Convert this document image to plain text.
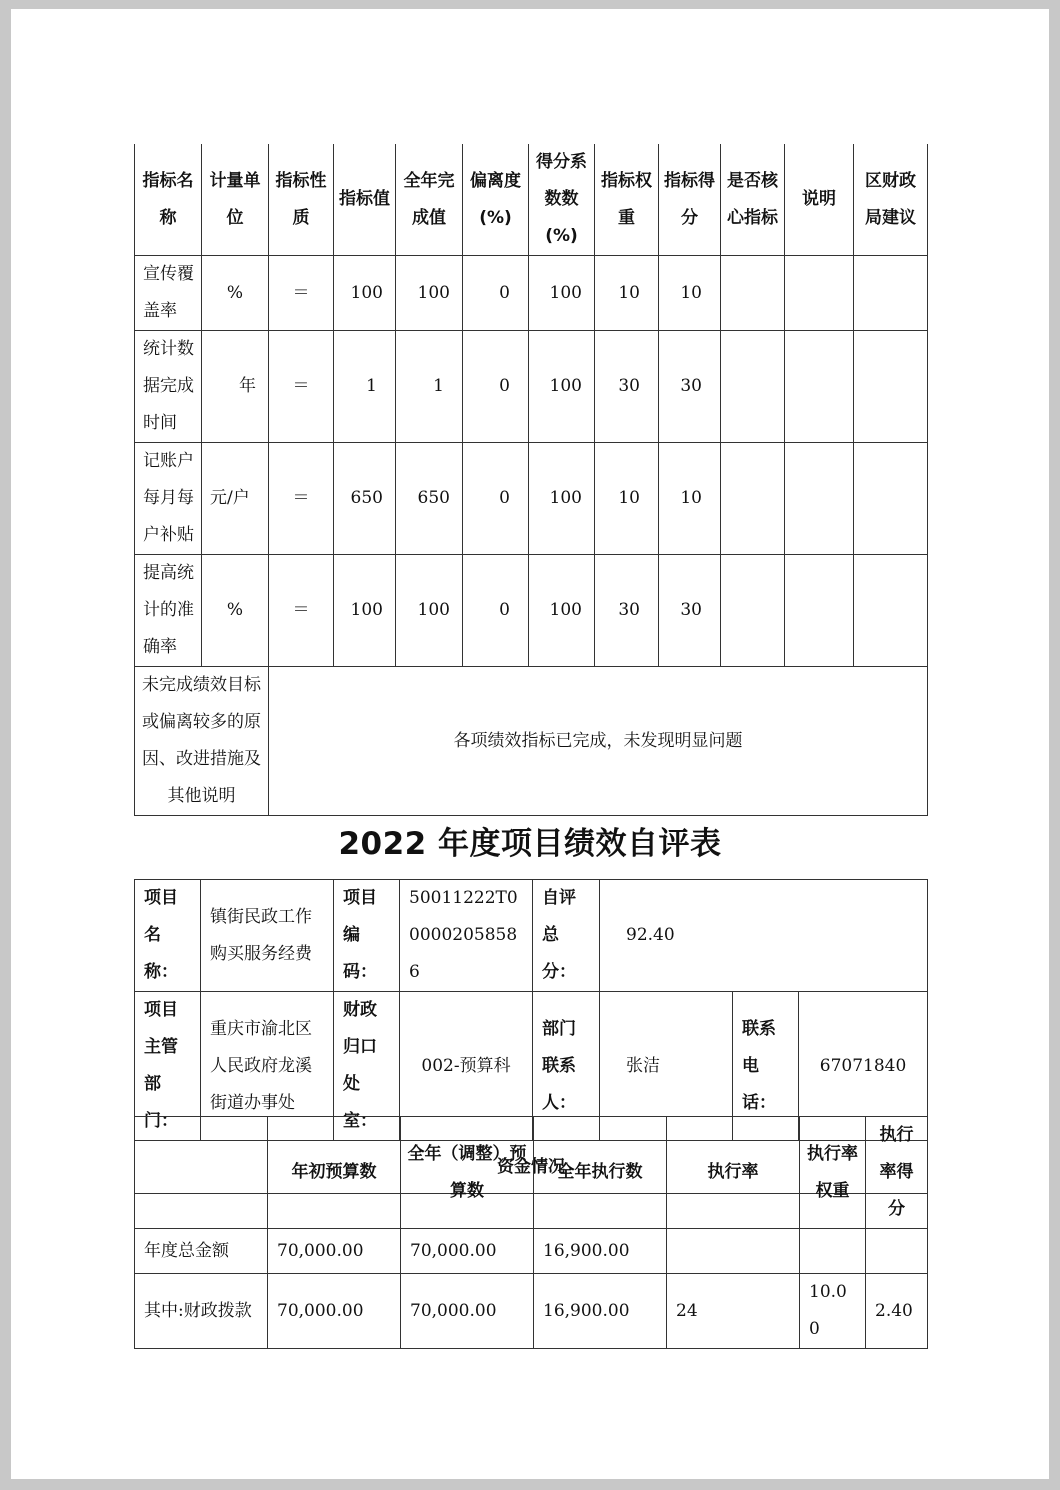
指标名称	计量单位	指标性质	指标值	全年完成值	偏离度(%)	得分系数数(%)	指标权重	指标得分	是否核心指标	说明	区财政局建议
宣传覆盖率	%	＝	100	100	0	100	10	10			
统计数据完成时间	年	＝	1	1	0	100	30	30			
记账户每月每户补贴	元/户	＝	650	650	0	100	10	10			
提高统计的准确率	%	＝	100	100	0	100	30	30			
未完成绩效目标或偏离较多的原因、改进措施及其他说明		各项绩效指标已完成，未发现明显问题									
2022 年度项目绩效自评表
项目名称：	镇街民政工作购买服务经费	项目编码：	50011222T000002058586	自评总分：	92.40		
项目主管部门：	重庆市渝北区人民政府龙溪街道办事处	财政归口处室：	002-预算科	部门联系人：	张洁	联系电话：	67071840
资金情况							
	年初预算数	全年（调整）预算数	全年执行数	执行率	执行率权重	执行率得分
年度总金额	70,000.00	70,000.00	16,900.00			
其中:财政拨款	70,000.00	70,000.00	16,900.00	24	10.00	2.40
